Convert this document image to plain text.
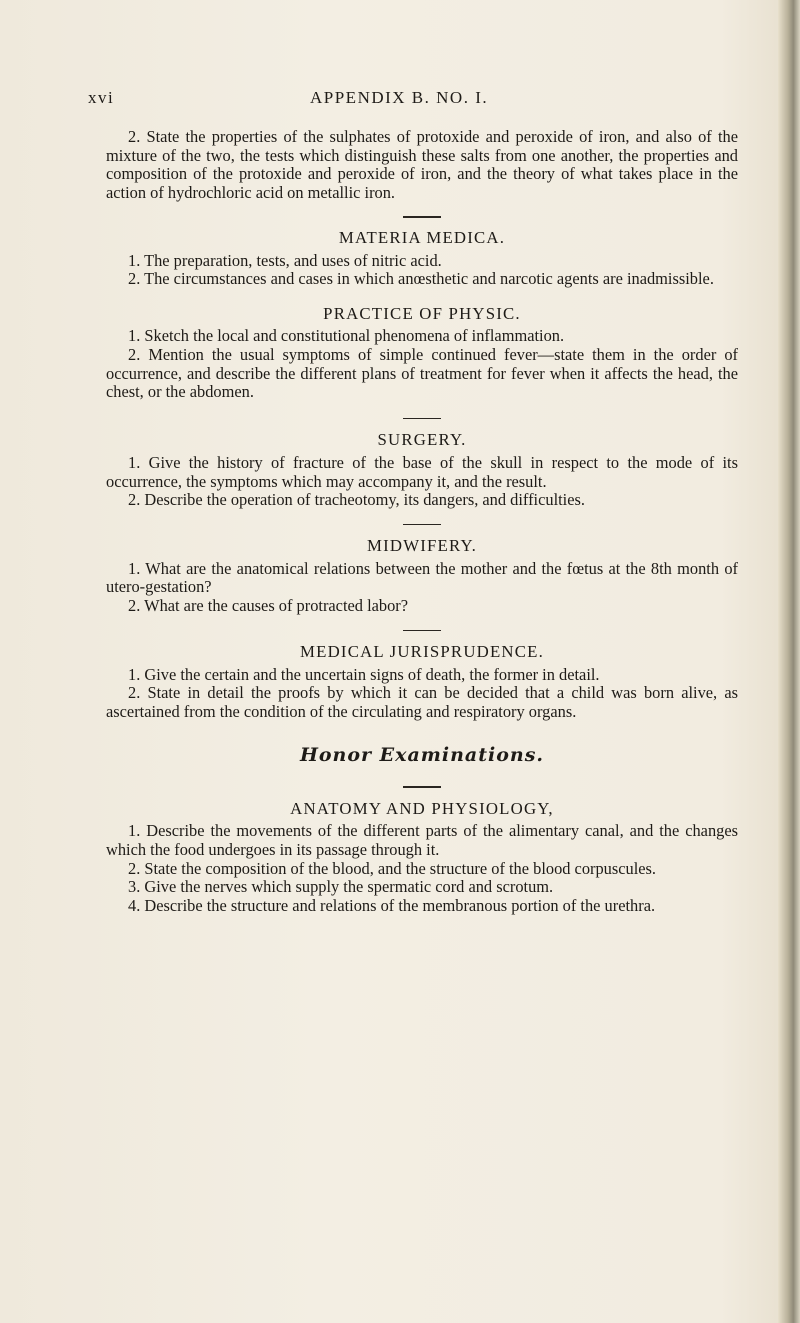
xvi	APPENDIX B. NO. I.

2. State the properties of the sulphates of protoxide and peroxide of iron, and also of the mixture of the two, the tests which distinguish these salts from one another, the properties and composition of the protoxide and peroxide of iron, and the theory of what takes place in the action of hydrochloric acid on metallic iron.

MATERIA MEDICA.

1. The preparation, tests, and uses of nitric acid.

2. The circumstances and cases in which anœsthetic and narcotic agents are inadmissible.

PRACTICE OF PHYSIC.

1. Sketch the local and constitutional phenomena of inflammation.

2. Mention the usual symptoms of simple continued fever—state them in the order of occurrence, and describe the different plans of treatment for fever when it affects the head, the chest, or the abdomen.

SURGERY.

1. Give the history of fracture of the base of the skull in respect to the mode of its occurrence, the symptoms which may accompany it, and the result.

2. Describe the operation of tracheotomy, its dangers, and difficulties.

MIDWIFERY.

1. What are the anatomical relations between the mother and the fœtus at the 8th month of utero-gestation?

2. What are the causes of protracted labor?

MEDICAL JURISPRUDENCE.

1. Give the certain and the uncertain signs of death, the former in detail.

2. State in detail the proofs by which it can be decided that a child was born alive, as ascertained from the condition of the circulating and respiratory organs.

Honor Examinations.
ANATOMY AND PHYSIOLOGY,

1. Describe the movements of the different parts of the alimentary canal, and the changes which the food undergoes in its passage through it.

2. State the composition of the blood, and the structure of the blood corpuscules.

3. Give the nerves which supply the spermatic cord and scrotum.

4. Describe the structure and relations of the membranous portion of the urethra.
